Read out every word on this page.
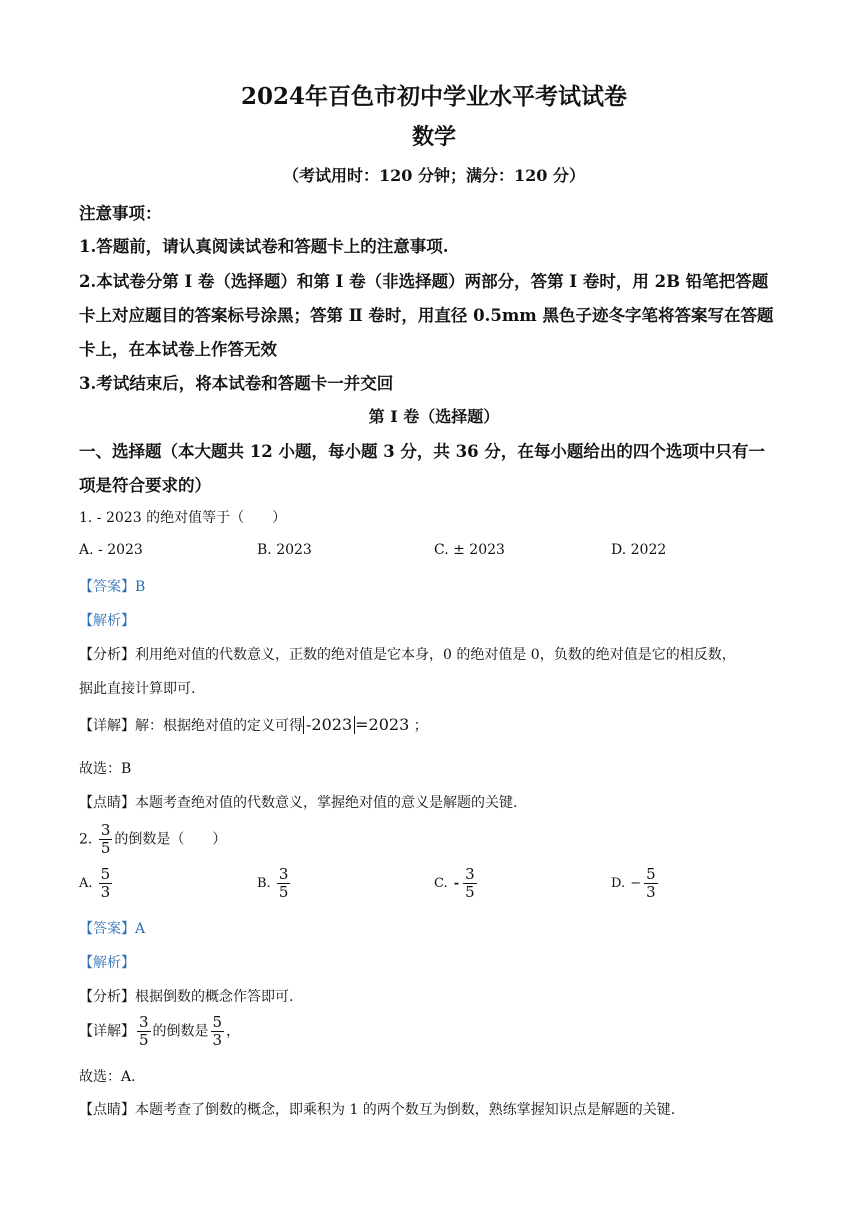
2024年百色市初中学业水平考试试卷
数学
（考试用时：120 分钟；满分：120 分）
注意事项：
1.答题前，请认真阅读试卷和答题卡上的注意事项.
2.本试卷分第 I 卷（选择题）和第 Ⅰ 卷（非选择题）两部分，答第 I 卷时，用 2B 铅笔把答题
卡上对应题目的答案标号涂黑；答第 Ⅱ 卷时，用直径 0.5mm 黑色子迹冬字笔将答案写在答题
卡上，在本试卷上作答无效
3.考试结束后，将本试卷和答题卡一并交回
第 I 卷（选择题）
一、选择题（本大题共 12 小题，每小题 3 分，共 36 分，在每小题给出的四个选项中只有一
项是符合要求的）
1. - 2023 的绝对值等于（　　）
A. - 2023	B. 2023	C. ± 2023	D. 2022
【答案】B
【解析】
【分析】利用绝对值的代数意义，正数的绝对值是它本身，0 的绝对值是 0，负数的绝对值是它的相反数，
据此直接计算即可.
【详解】解：根据绝对值的定义可得 -2023 =2023 ；
故选：B
【点睛】本题考查绝对值的代数意义，掌握绝对值的意义是解题的关键.
2. $\frac{3}{5}$ 的倒数是（　　）
A. $\frac{5}{3}$	B. $\frac{3}{5}$	C. - $\frac{3}{5}$	D. − $\frac{5}{3}$
【答案】A
【解析】
【分析】根据倒数的概念作答即可.
【详解】 $\frac{3}{5}$ 的倒数是 $\frac{5}{3}$ ，
故选：A.
【点睛】本题考查了倒数的概念，即乘积为 1 的两个数互为倒数，熟练掌握知识点是解题的关键.
